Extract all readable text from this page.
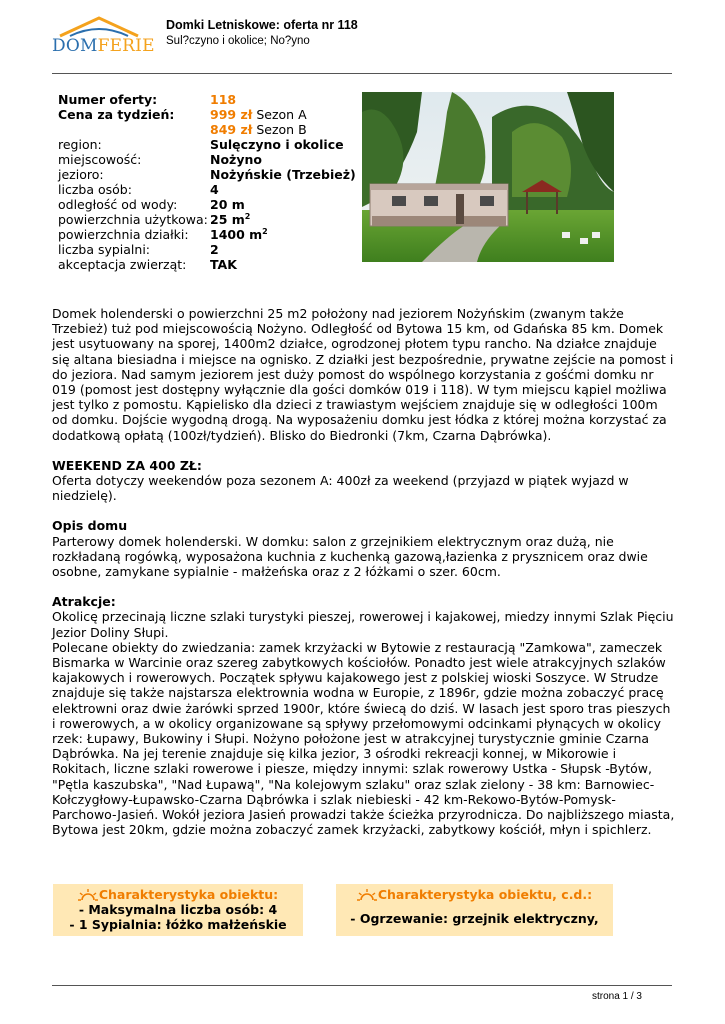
DOMFERIE
Domki Letniskowe: oferta nr 118
Sul?czyno i okolice; No?yno
Numer oferty:	118
Cena za tydzień:	999 zł Sezon A
	849 zł Sezon B
region:	Sulęczyno i okolice
miejscowość:	Nożyno
jezioro:	Nożyńskie (Trzebież)
liczba osób:	4
odległość od wody:	20 m
powierzchnia użytkowa:	25 $m^2$
powierzchnia działki:	1400 $m^2$
liczba sypialni:	2
akceptacja zwierząt:	TAK

Domek holenderski o powierzchni 25 m2 położony nad jeziorem Nożyńskim (zwanym także Trzebież) tuż pod miejscowością Nożyno. Odległość od Bytowa 15 km, od Gdańska 85 km. Domek jest usytuowany na sporej, 1400m2 działce, ogrodzonej płotem typu rancho. Na działce znajduje się altana biesiadna i miejsce na ognisko. Z działki jest bezpośrednie, prywatne zejście na pomost i do jeziora. Nad samym jeziorem jest duży pomost do wspólnego korzystania z gośćmi domku nr 019 (pomost jest dostępny wyłącznie dla gości domków 019 i 118). W tym miejscu kąpiel możliwa jest tylko z pomostu. Kąpielisko dla dzieci z trawiastym wejściem znajduje się w odległości 100m od domku. Dojście wygodną drogą. Na wyposażeniu domku jest łódka z której można korzystać za dodatkową opłatą (100zł/tydzień). Blisko do Biedronki (7km, Czarna Dąbrówka).

WEEKEND ZA 400 ZŁ:

Oferta dotyczy weekendów poza sezonem A: 400zł za weekend (przyjazd w piątek wyjazd w niedzielę).

Opis domu

Parterowy domek holenderski. W domku: salon z grzejnikiem elektrycznym oraz dużą, nie rozkładaną rogówką, wyposażona kuchnia z kuchenką gazową,łazienka z prysznicem oraz dwie osobne, zamykane sypialnie - małżeńska oraz z 2 łóżkami o szer. 60cm.

Atrakcje:

Okolicę przecinają liczne szlaki turystyki pieszej, rowerowej i kajakowej, miedzy innymi Szlak Pięciu Jezior Doliny Słupi.

Polecane obiekty do zwiedzania: zamek krzyżacki w Bytowie z restauracją "Zamkowa", zameczek Bismarka w Warcinie oraz szereg zabytkowych kościołów. Ponadto jest wiele atrakcyjnych szlaków kajakowych i rowerowych. Początek spływu kajakowego jest z polskiej wioski Soszyce. W Strudze znajduje się także najstarsza elektrownia wodna w Europie, z 1896r, gdzie można zobaczyć pracę elektrowni oraz dwie żarówki sprzed 1900r, które świecą do dziś. W lasach jest sporo tras pieszych i rowerowych, a w okolicy organizowane są spływy przełomowymi odcinkami płynących w okolicy rzek: Łupawy, Bukowiny i Słupi. Nożyno położone jest w atrakcyjnej turystycznie gminie Czarna Dąbrówka. Na jej terenie znajduje się kilka jezior, 3 ośrodki rekreacji konnej, w Mikorowie i Rokitach, liczne szlaki rowerowe i piesze, między innymi: szlak rowerowy Ustka - Słupsk -Bytów, "Pętla kaszubska", "Nad Łupawą", "Na kolejowym szlaku" oraz szlak zielony - 38 km: Barnowiec-Kołczygłowy-Łupawsko-Czarna Dąbrówka i szlak niebieski - 42 km-Rekowo-Bytów-Pomysk-Parchowo-Jasień. Wokół jeziora Jasień prowadzi także ścieżka przyrodnicza. Do najbliższego miasta, Bytowa jest 20km, gdzie można zobaczyć zamek krzyżacki, zabytkowy kościół, młyn i spichlerz.

Charakterystyka obiektu:
- Maksymalna liczba osób: 4
- 1 Sypialnia: łóżko małżeńskie
Charakterystyka obiektu, c.d.:
- Ogrzewanie: grzejnik elektryczny,
strona 1 / 3
